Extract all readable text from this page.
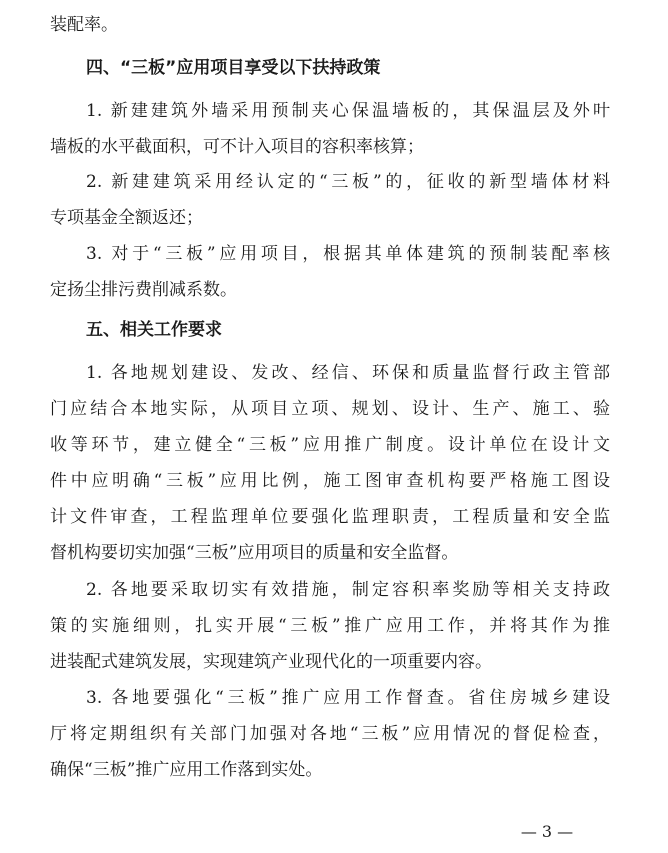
装配率。
四、“三板”应用项目享受以下扶持政策
1. 新建建筑外墙采用预制夹心保温墙板的，其保温层及外叶
墙板的水平截面积，可不计入项目的容积率核算；
2. 新建建筑采用经认定的“三板”的，征收的新型墙体材料
专项基金全额返还；
3. 对于“三板”应用项目，根据其单体建筑的预制装配率核
定扬尘排污费削减系数。
五、相关工作要求
1. 各地规划建设、发改、经信、环保和质量监督行政主管部
门应结合本地实际，从项目立项、规划、设计、生产、施工、验
收等环节，建立健全“三板”应用推广制度。设计单位在设计文
件中应明确“三板”应用比例，施工图审查机构要严格施工图设
计文件审查，工程监理单位要强化监理职责，工程质量和安全监
督机构要切实加强“三板”应用项目的质量和安全监督。
2. 各地要采取切实有效措施，制定容积率奖励等相关支持政
策的实施细则，扎实开展“三板”推广应用工作，并将其作为推
进装配式建筑发展，实现建筑产业现代化的一项重要内容。
3. 各地要强化“三板”推广应用工作督查。省住房城乡建设
厅将定期组织有关部门加强对各地“三板”应用情况的督促检查，
确保“三板”推广应用工作落到实处。
— 3 —
